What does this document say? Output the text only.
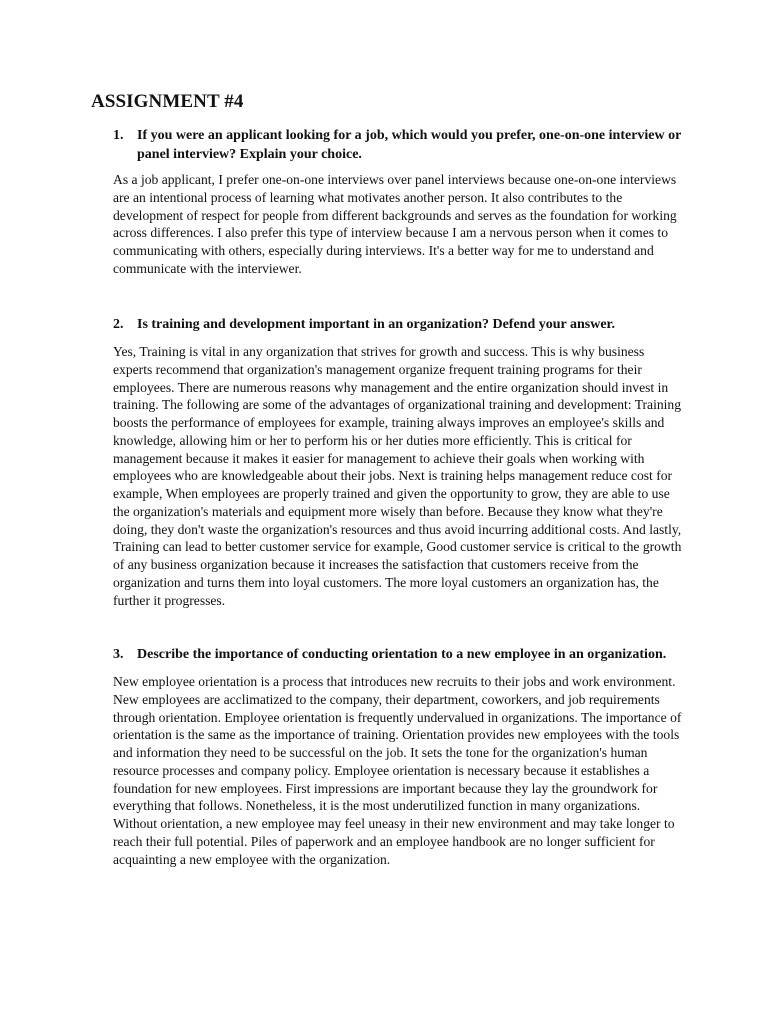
ASSIGNMENT #4
1. If you were an applicant looking for a job, which would you prefer, one-on-one interview or panel interview? Explain your choice.

As a job applicant, I prefer one-on-one interviews over panel interviews because one-on-one interviews are an intentional process of learning what motivates another person. It also contributes to the development of respect for people from different backgrounds and serves as the foundation for working across differences. I also prefer this type of interview because I am a nervous person when it comes to communicating with others, especially during interviews. It's a better way for me to understand and communicate with the interviewer.

2. Is training and development important in an organization? Defend your answer.

Yes, Training is vital in any organization that strives for growth and success. This is why business experts recommend that organization's management organize frequent training programs for their employees. There are numerous reasons why management and the entire organization should invest in training. The following are some of the advantages of organizational training and development: Training boosts the performance of employees for example, training always improves an employee's skills and knowledge, allowing him or her to perform his or her duties more efficiently. This is critical for management because it makes it easier for management to achieve their goals when working with employees who are knowledgeable about their jobs. Next is training helps management reduce cost for example, When employees are properly trained and given the opportunity to grow, they are able to use the organization's materials and equipment more wisely than before. Because they know what they're doing, they don't waste the organization's resources and thus avoid incurring additional costs. And lastly, Training can lead to better customer service for example, Good customer service is critical to the growth of any business organization because it increases the satisfaction that customers receive from the organization and turns them into loyal customers. The more loyal customers an organization has, the further it progresses.

3. Describe the importance of conducting orientation to a new employee in an organization.

New employee orientation is a process that introduces new recruits to their jobs and work environment. New employees are acclimatized to the company, their department, coworkers, and job requirements through orientation. Employee orientation is frequently undervalued in organizations. The importance of orientation is the same as the importance of training. Orientation provides new employees with the tools and information they need to be successful on the job. It sets the tone for the organization's human resource processes and company policy. Employee orientation is necessary because it establishes a foundation for new employees. First impressions are important because they lay the groundwork for everything that follows. Nonetheless, it is the most underutilized function in many organizations. Without orientation, a new employee may feel uneasy in their new environment and may take longer to reach their full potential. Piles of paperwork and an employee handbook are no longer sufficient for acquainting a new employee with the organization.
